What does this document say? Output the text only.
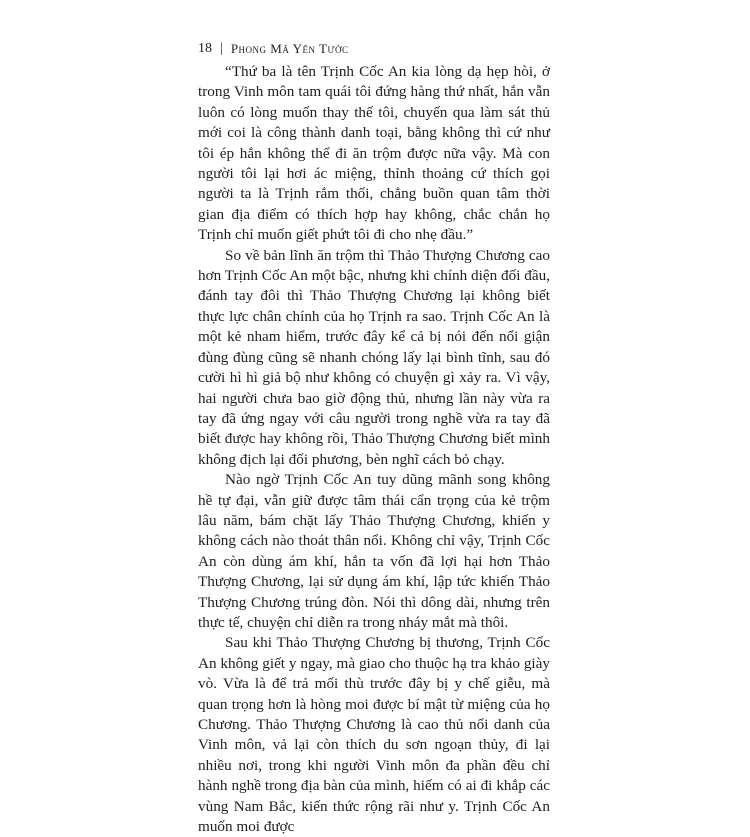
18 | Phong Mã Yến Tước

“Thứ ba là tên Trịnh Cốc An kia lòng dạ hẹp hòi, ở trong Vinh môn tam quái tôi đứng hàng thứ nhất, hắn vẫn luôn có lòng muốn thay thế tôi, chuyến qua làm sát thủ mới coi là công thành danh toại, bằng không thì cứ như tôi ép hắn không thể đi ăn trộm được nữa vậy. Mà con người tôi lại hơi ác miệng, thỉnh thoảng cứ thích gọi người ta là Trịnh rắm thối, chẳng buồn quan tâm thời gian địa điểm có thích hợp hay không, chắc chắn họ Trịnh chỉ muốn giết phứt tôi đi cho nhẹ đầu.”

So về bản lĩnh ăn trộm thì Thảo Thượng Chương cao hơn Trịnh Cốc An một bậc, nhưng khi chính diện đối đầu, đánh tay đôi thì Thảo Thượng Chương lại không biết thực lực chân chính của họ Trịnh ra sao. Trịnh Cốc An là một kẻ nham hiểm, trước đây kể cả bị nói đến nổi giận đùng đùng cũng sẽ nhanh chóng lấy lại bình tĩnh, sau đó cười hì hì giả bộ như không có chuyện gì xảy ra. Vì vậy, hai người chưa bao giờ động thủ, nhưng lần này vừa ra tay đã ứng ngay với câu người trong nghề vừa ra tay đã biết được hay không rồi, Thảo Thượng Chương biết mình không địch lại đối phương, bèn nghĩ cách bỏ chạy.

Nào ngờ Trịnh Cốc An tuy dũng mãnh song không hề tự đại, vẫn giữ được tâm thái cẩn trọng của kẻ trộm lâu năm, bám chặt lấy Thảo Thượng Chương, khiến y không cách nào thoát thân nổi. Không chỉ vậy, Trịnh Cốc An còn dùng ám khí, hắn ta vốn đã lợi hại hơn Thảo Thượng Chương, lại sử dụng ám khí, lập tức khiến Thảo Thượng Chương trúng đòn. Nói thì dông dài, nhưng trên thực tế, chuyện chỉ diễn ra trong nháy mắt mà thôi.

Sau khi Thảo Thượng Chương bị thương, Trịnh Cốc An không giết y ngay, mà giao cho thuộc hạ tra khảo giày vò. Vừa là để trả mối thù trước đây bị y chế giễu, mà quan trọng hơn là hòng moi được bí mật từ miệng của họ Chương. Thảo Thượng Chương là cao thủ nổi danh của Vinh môn, vả lại còn thích du sơn ngoạn thủy, đi lại nhiều nơi, trong khi người Vinh môn đa phần đều chỉ hành nghề trong địa bàn của mình, hiếm có ai đi khắp các vùng Nam Bắc, kiến thức rộng rãi như y. Trịnh Cốc An muốn moi được
